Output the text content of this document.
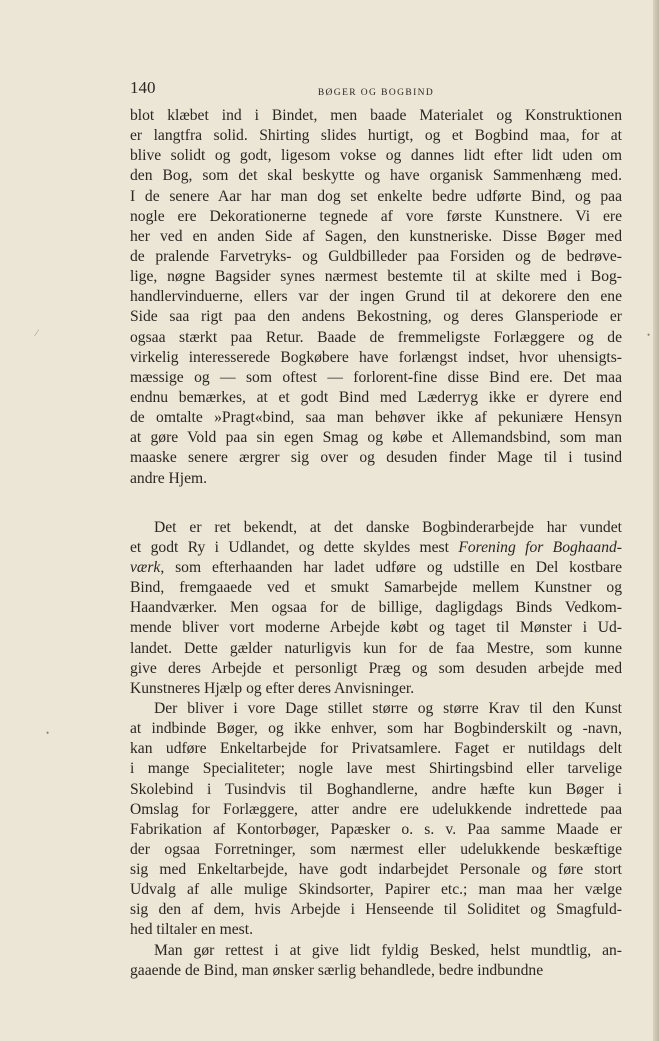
⁄	•
•
140	BØGER OG BOGBIND
blot klæbet ind i Bindet, men baade Materialet og Konstruktionen
er langtfra solid. Shirting slides hurtigt, og et Bogbind maa, for at
blive solidt og godt, ligesom vokse og dannes lidt efter lidt uden om
den Bog, som det skal beskytte og have organisk Sammenhæng med.
I de senere Aar har man dog set enkelte bedre udførte Bind, og paa
nogle ere Dekorationerne tegnede af vore første Kunstnere. Vi ere
her ved en anden Side af Sagen, den kunstneriske. Disse Bøger med
de pralende Farvetryks- og Guldbilleder paa Forsiden og de bedrøve-
lige, nøgne Bagsider synes nærmest bestemte til at skilte med i Bog-
handlervinduerne, ellers var der ingen Grund til at dekorere den ene
Side saa rigt paa den andens Bekostning, og deres Glansperiode er
ogsaa stærkt paa Retur. Baade de fremmeligste Forlæggere og de
virkelig interesserede Bogkøbere have forlængst indset, hvor uhensigts-
mæssige og — som oftest — forlorent-fine disse Bind ere. Det maa
endnu bemærkes, at et godt Bind med Læderryg ikke er dyrere end
de omtalte »Pragt«bind, saa man behøver ikke af pekuniære Hensyn
at gøre Vold paa sin egen Smag og købe et Allemandsbind, som man
maaske senere ærgrer sig over og desuden finder Mage til i tusind
andre Hjem.
Det er ret bekendt, at det danske Bogbinderarbejde har vundet
et godt Ry i Udlandet, og dette skyldes mest Forening for Boghaand-
værk, som efterhaanden har ladet udføre og udstille en Del kostbare
Bind, fremgaaede ved et smukt Samarbejde mellem Kunstner og
Haandværker. Men ogsaa for de billige, dagligdags Binds Vedkom-
mende bliver vort moderne Arbejde købt og taget til Mønster i Ud-
landet. Dette gælder naturligvis kun for de faa Mestre, som kunne
give deres Arbejde et personligt Præg og som desuden arbejde med
Kunstneres Hjælp og efter deres Anvisninger.
Der bliver i vore Dage stillet større og større Krav til den Kunst
at indbinde Bøger, og ikke enhver, som har Bogbinderskilt og -navn,
kan udføre Enkeltarbejde for Privatsamlere. Faget er nutildags delt
i mange Specialiteter; nogle lave mest Shirtingsbind eller tarvelige
Skolebind i Tusindvis til Boghandlerne, andre hæfte kun Bøger i
Omslag for Forlæggere, atter andre ere udelukkende indrettede paa
Fabrikation af Kontorbøger, Papæsker o. s. v. Paa samme Maade er
der ogsaa Forretninger, som nærmest eller udelukkende beskæftige
sig med Enkeltarbejde, have godt indarbejdet Personale og føre stort
Udvalg af alle mulige Skindsorter, Papirer etc.; man maa her vælge
sig den af dem, hvis Arbejde i Henseende til Soliditet og Smagfuld-
hed tiltaler en mest.
Man gør rettest i at give lidt fyldig Besked, helst mundtlig, an-
gaaende de Bind, man ønsker særlig behandlede, bedre indbundne
